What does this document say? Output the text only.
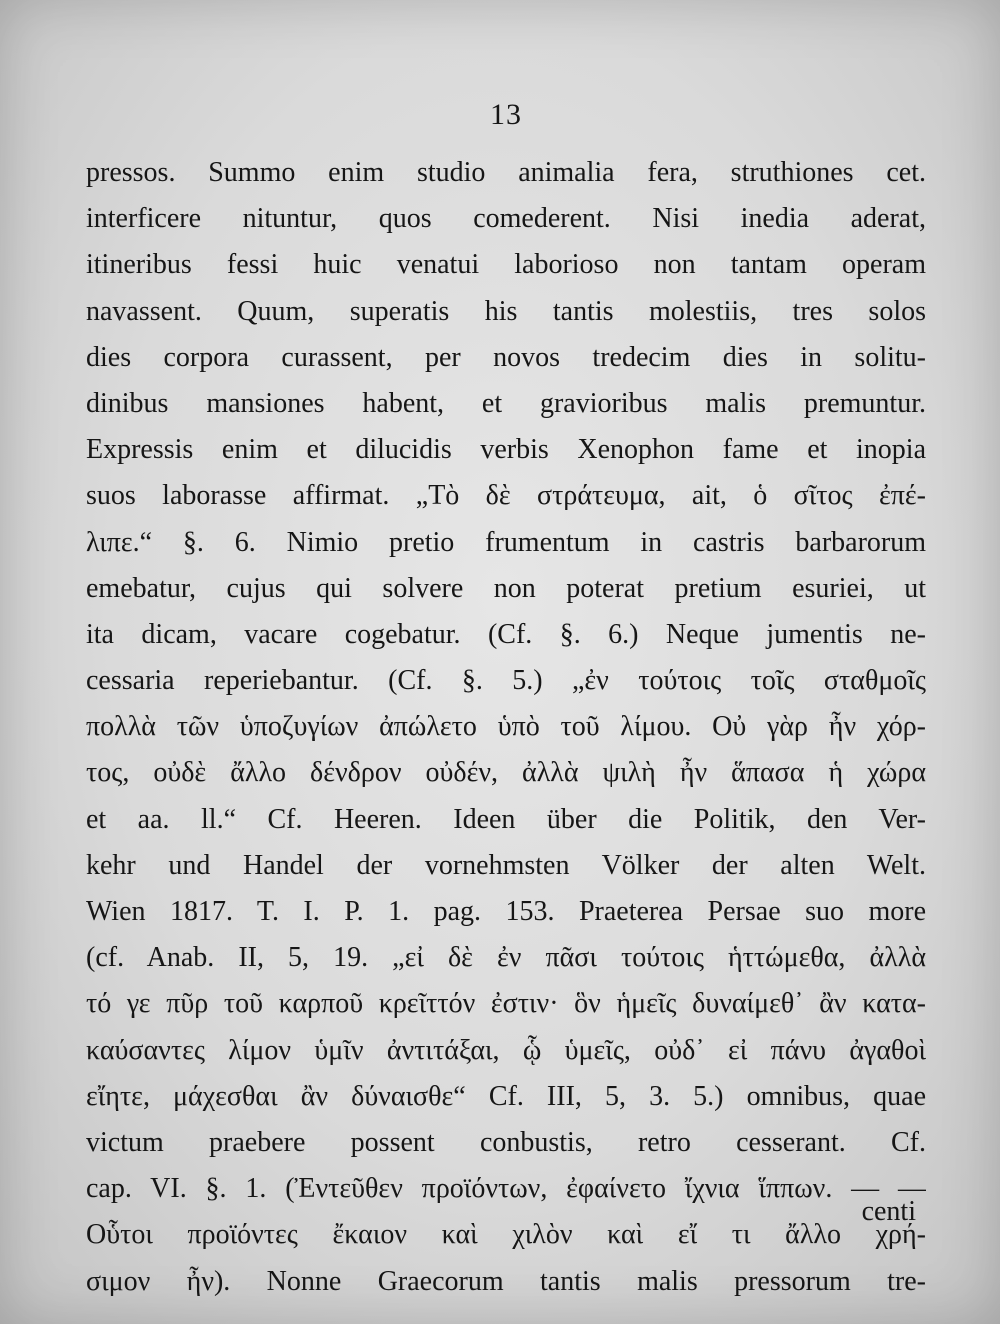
13
pressos. Summo enim studio animalia fera, struthiones cet.
interficere nituntur, quos comederent. Nisi inedia aderat,
itineribus fessi huic venatui laborioso non tantam operam
navassent. Quum, superatis his tantis molestiis, tres solos
dies corpora curassent, per novos tredecim dies in solitu-
dinibus mansiones habent, et gravioribus malis premuntur.
Expressis enim et dilucidis verbis Xenophon fame et inopia
suos laborasse affirmat. „Τὸ δὲ στράτευμα, ait, ὁ σῖτος ἐπέ-
λιπε.“ §. 6. Nimio pretio frumentum in castris barbarorum
emebatur, cujus qui solvere non poterat pretium esuriei, ut
ita dicam, vacare cogebatur. (Cf. §. 6.) Neque jumentis ne-
cessaria reperiebantur. (Cf. §. 5.) „ἐν τούτοις τοῖς σταθμοῖς
πολλὰ τῶν ὑποζυγίων ἀπώλετο ὑπὸ τοῦ λίμου. Οὐ γὰρ ἦν χόρ-
τος, οὐδὲ ἄλλο δένδρον οὐδέν, ἀλλὰ ψιλὴ ἦν ἅπασα ἡ χώρα
et aa. ll.“ Cf. Heeren. Ideen über die Politik, den Ver-
kehr und Handel der vornehmsten Völker der alten Welt.
Wien 1817. T. I. P. 1. pag. 153. Praeterea Persae suo more
(cf. Anab. II, 5, 19. „εἰ δὲ ἐν πᾶσι τούτοις ἡττώμεθα, ἀλλὰ
τό γε πῦρ τοῦ καρποῦ κρεῖττόν ἐστιν· ὃν ἡμεῖς δυναίμεθ᾽ ἂν κατα-
καύσαντες λίμον ὑμῖν ἀντιτάξαι, ᾧ ὑμεῖς, οὐδ᾽ εἰ πάνυ ἀγαθοὶ
εἴητε, μάχεσθαι ἂν δύναισθε“ Cf. III, 5, 3. 5.) omnibus, quae
victum praebere possent conbustis, retro cesserant. Cf.
cap. VI. §. 1. (Ἐντεῦθεν προϊόντων, ἐφαίνετο ἴχνια ἵππων. — —
Οὗτοι προϊόντες ἔκαιον καὶ χιλὸν καὶ εἴ τι ἄλλο χρή-
σιμον ἦν). Nonne Graecorum tantis malis pressorum tre-
centi
